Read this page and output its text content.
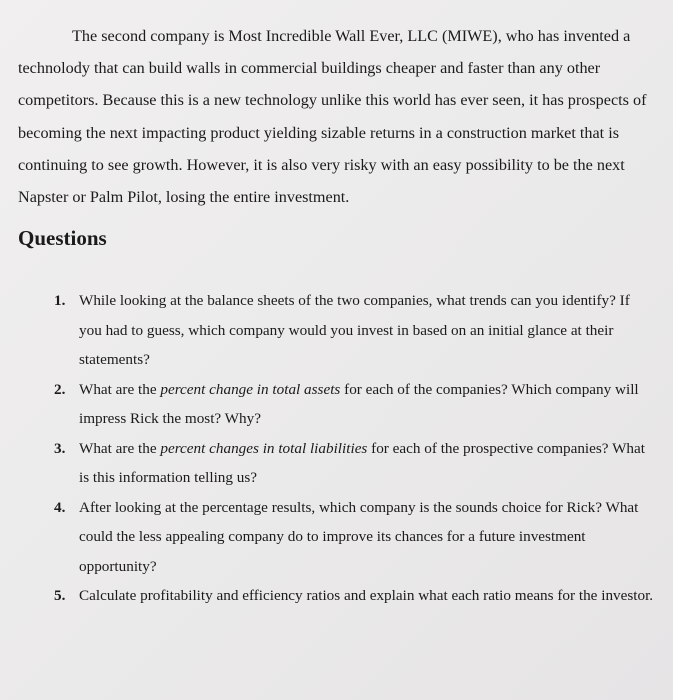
The second company is Most Incredible Wall Ever, LLC (MIWE), who has invented a technolody that can build walls in commercial buildings cheaper and faster than any other competitors. Because this is a new technology unlike this world has ever seen, it has prospects of becoming the next impacting product yielding sizable returns in a construction market that is continuing to see growth. However, it is also very risky with an easy possibility to be the next Napster or Palm Pilot, losing the entire investment.

Questions
1. While looking at the balance sheets of the two companies, what trends can you identify? If you had to guess, which company would you invest in based on an initial glance at their statements?
2. What are the percent change in total assets for each of the companies? Which company will impress Rick the most? Why?
3. What are the percent changes in total liabilities for each of the prospective companies? What is this information telling us?
4. After looking at the percentage results, which company is the sounds choice for Rick? What could the less appealing company do to improve its chances for a future investment opportunity?
5. Calculate profitability and efficiency ratios and explain what each ratio means for the investor.
